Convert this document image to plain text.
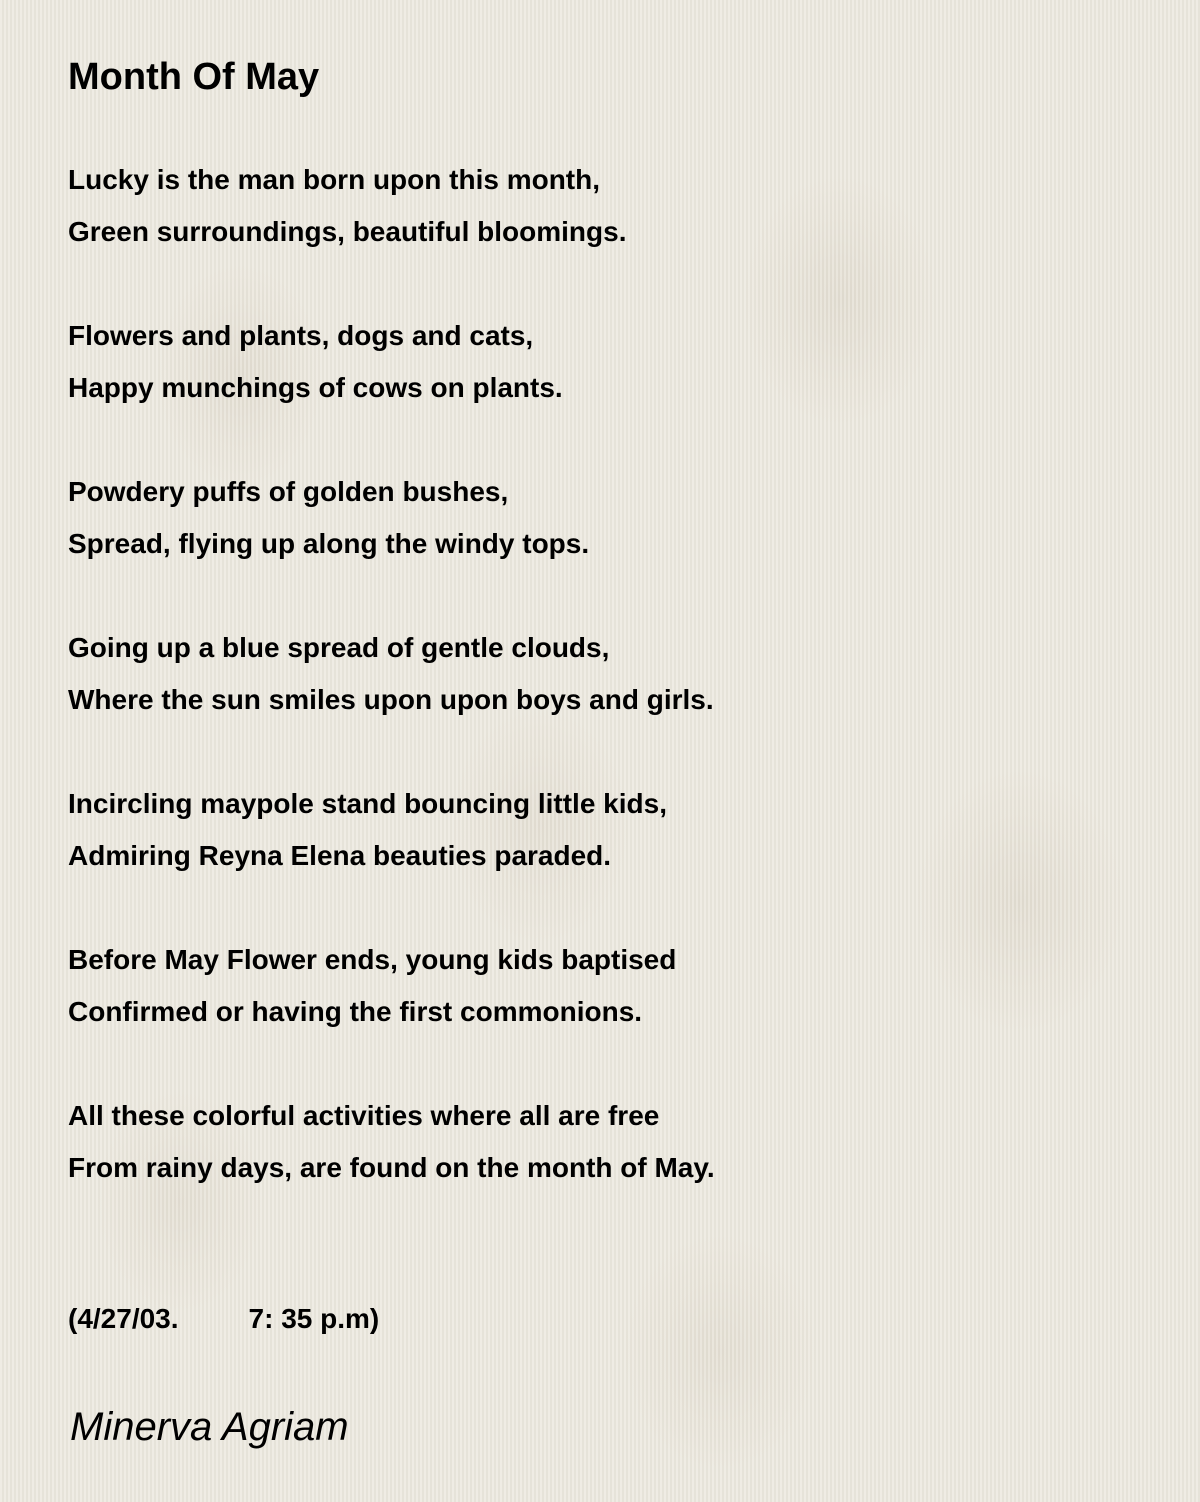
Month Of May
Lucky is the man born upon this month,
Green surroundings, beautiful bloomings.
Flowers and plants, dogs and cats,
Happy munchings of cows on plants.
Powdery puffs of golden bushes,
Spread, flying up along the windy tops.
Going up a blue spread of gentle clouds,
Where the sun smiles upon upon boys and girls.
Incircling maypole stand bouncing little kids,
Admiring Reyna Elena beauties paraded.
Before May Flower ends, young kids baptised
Confirmed or having the first commonions.
All these colorful activities where all are free
From rainy days, are found on the month of May.
(4/27/03.         7: 35 p.m)
Minerva Agriam
